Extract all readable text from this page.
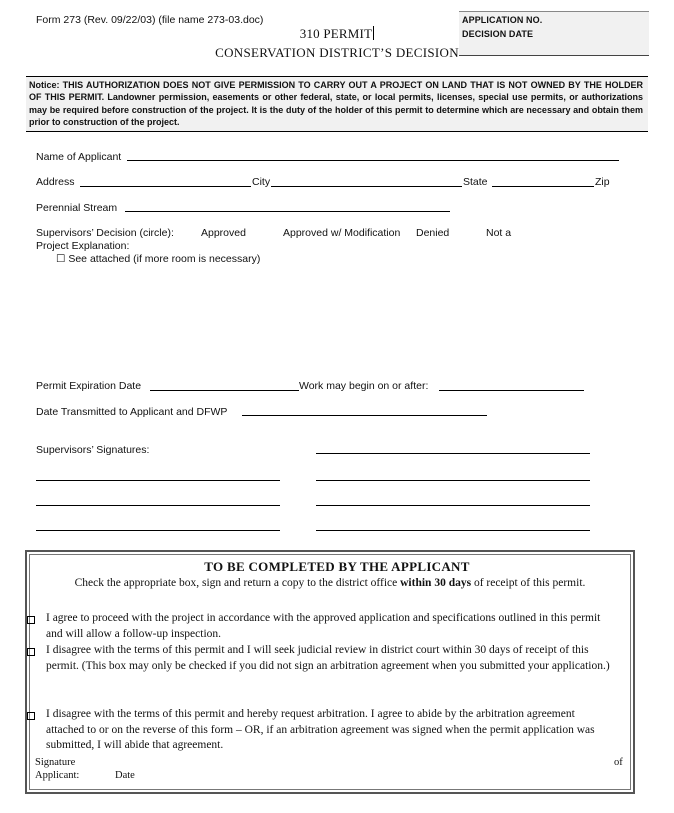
Form 273 (Rev. 09/22/03) (file name 273-03.doc)
310 PERMIT
CONSERVATION DISTRICT’S DECISION
APPLICATION NO.
DECISION DATE
Notice: THIS AUTHORIZATION DOES NOT GIVE PERMISSION TO CARRY OUT A PROJECT ON LAND THAT IS NOT OWNED BY THE HOLDER OF THIS PERMIT. Landowner permission, easements or other federal, state, or local permits, licenses, special use permits, or authorizations may be required before construction of the project. It is the duty of the holder of this permit to determine which are necessary and obtain them prior to construction of the project.
Name of Applicant
Address	City	State	Zip
Perennial Stream
Supervisors’ Decision (circle):	Approved	Approved w/ Modification Denied	Not a
Project Explanation:
☐ See attached (if more room is necessary)
Permit Expiration Date	Work may begin on or after:
Date Transmitted to Applicant and DFWP
Supervisors’ Signatures:
TO BE COMPLETED BY THE APPLICANT
Check the appropriate box, sign and return a copy to the district office within 30 days of receipt of this permit.
I agree to proceed with the project in accordance with the approved application and specifications outlined in this permit and will allow a follow-up inspection.
I disagree with the terms of this permit and I will seek judicial review in district court within 30 days of receipt of this permit. (This box may only be checked if you did not sign an arbitration agreement when you submitted your application.)
I disagree with the terms of this permit and hereby request arbitration. I agree to abide by the arbitration agreement attached to or on the reverse of this form – OR, if an arbitration agreement was signed when the permit application was submitted, I will abide that agreement.
Signature	of
Applicant:	Date
